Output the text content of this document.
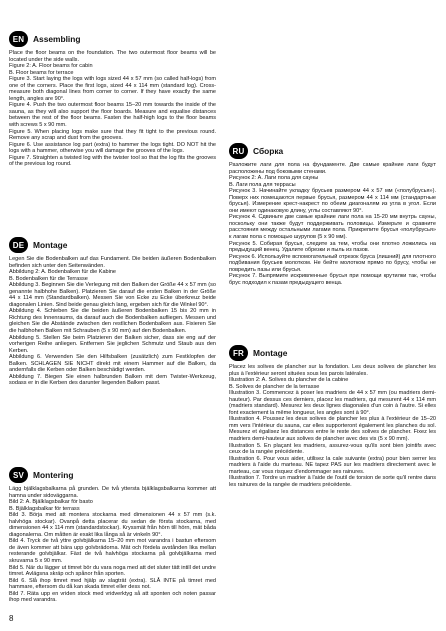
EN	Assembling

Place the floor beams on the foundation. The two outermost floor beams will be located under the side walls.
Figure 2: A. Floor beams for cabin
B. Floor beams for terrace
Figure 3. Start laying the logs with logs sized 44 x 57 mm (so called half-logs) from one of the corners. Place the first logs, sized 44 x 114 mm (standard log). Cross-measure both diagonal lines from corner to corner. If they have exactly the same length, angles are 90°.
Figure 4. Push the two outermost floor beams 15–20 mm towards the inside of the sauna, as they will also support the floor boards. Measure and equalise distances between the rest of the floor beams. Fasten the half-high logs to the floor beams with screws 5 x 90 mm.
Figure 5. When placing logs make sure that they fit tight to the previous round. Remove any scrap and dust from the grooves.
Figure 6. Use assistance log part (extra) to hammer the logs tight. DO NOT hit the logs with a hammer, otherwise you will damage the grooves of the logs.
Figure 7. Straighten a twisted log with the twister tool so that the log fits the grooves of the previous log round.

DE	Montage

Legen Sie die Bodenbalken auf das Fundament. Die beiden äußeren Bodenbalken befinden sich unter den Seitenwänden.
Abbildung 2: A. Bodenbalken für die Kabine
B. Bodenbalken für die Terrasse
Abbildung 3. Beginnen Sie die Verlegung mit den Balken der Größe 44 x 57 mm (so genannte halbhohe Balken). Platzieren Sie darauf die ersten Balken in der Größe 44 x 114 mm (Standardbalken). Messen Sie von Ecke zu Ecke überkreuz beide diagonalen Linien. Sind beide genau gleich lang, ergeben sich für die Winkel 90°.
Abbildung 4. Schieben Sie die beiden äußeren Bodenbalken 15 bis 20 mm in Richtung des Innenraums, da darauf auch die Bodenbalken aufliegen. Messen und gleichen Sie die Abstände zwischen den restlichen Bodenbalken aus. Fixieren Sie die halbhohen Balken mit Schrauben (5 x 90 mm) auf den Bodenbalken.
Abbildung 5. Stellen Sie beim Platzieren der Balken sicher, dass sie eng auf der vorherigen Reihe anliegen. Entfernen Sie jeglichen Schmutz und Staub aus den Kerben.
Abbildung 6. Verwenden Sie den Hilfsbalken (zusätzlich) zum Festklopfen der Balken. SCHLAGEN SIE NICHT direkt mit einem Hammer auf die Balken, da andernfalls die Kerben oder Balken beschädigt werden.
Abbildung 7. Biegen Sie einen halbrunden Balken mit dem Twister-Werkzeug, sodass er in die Kerben des darunter liegenden Balken passt.

SV	Montering

Lägg bjälklagsbalkarna på grunden. De två yttersta bjälklagsbalkarna kommer att hamna under sidoväggarna.
Bild 2: A. Bjälklagsbalkar för basto
B. Bjälklagsbalkar för terrass
Bild 3. Börja med att montera stockarna med dimensionen 44 x 57 mm (s.k. halvhöga stockar). Ovanpå detta placerar du sedan de första stockarna, med dimensionen 44 x 114 mm (standardstockar). Kryssmät från hörn till hörn, mät båda diagonalerna. Om måtten är exakt lika långa så är vinkeln 90°.
Bild 4. Tryck de två yttre golvbjälkarna 15–20 mm mot varandra i bastun eftersom de även kommer att bära upp golvbrädorna. Mät och fördela avstånden lika mellan resterande golvbjälkar. Fäst de två halvhöga stockarna på golvbjälkarna med skruvarna 5 x 90 mm.
Bild 5. När du lägger ut timret bör du vara noga med att det sluter tätt intill det undre timret. Avlägsna skräp och spånor från sporten.
Bild 6. Slå ihop timret med hjälp av slagträt (extra). SLÅ INTE på timret med hammare, eftersom du då kan skada timret eller dess not.
Bild 7. Räta upp en vriden stock med vridverktyg så att sponten och noten passar ihop med varandra.

RU	Сборка

Разложите лаги для пола на фундаменте. Две самые крайние лаги будут расположены под боковыми стенами.
Рисунок 2: A. Лаги пола для сауны
B. Лаги пола для террасы
Рисунок 3. Начинайте укладку брусьев размером 44 x 57 мм («полубрусья»). Поверх них помещаются первые брусья, размером 44 x 114 мм (стандартные брусья). Измерение крест-накрест по обеим диагоналям из угла в угол. Если они имеют одинаковую длину, углы составляют 90°.
Рисунок 4. Сдвиньте две самые крайние лаги пола на 15-20 мм внутрь сауны, поскольку они также будут поддерживать половицы. Измерьте и сравните расстояния между остальными лагами пола. Прикрепите брусья «полубрусья» к лагам пола с помощью шурупов (5 x 90 мм).
Рисунок 5. Собирая брусья, следите за тем, чтобы они плотно ложились на предыдущий венец. Удалите обрезки и пыль из пазов.
Рисунок 6. Используйте вспомогательный отрезок бруса (лишний) для плотного подбивания брусьев молотком. Не бейте молотком прямо по брусу, чтобы не повредить пазы или брусья.
Рисунок 7. Выпрямите искривленные брусья при помощи крутилки так, чтобы брус подходил к пазам предыдущего венца.

FR	Montage

Placez les solives de plancher sur la fondation. Les deux solives de plancher les plus à l'extérieur seront situées sous les parois latérales.
Illustration 2: A. Solives du plancher de la cabine
B. Solives de plancher de la terrasse
Illustration 3. Commencez à poser les madriers de 44 x 57 mm (ou madriers demi-hauteur). Par dessus ces derniers, placez les madriers, qui mesurent 44 x 114 mm (madriers standard). Mesurez les deux lignes diagonales d'un coin à l'autre. Si elles font exactement la même longueur, les angles sont à 90°.
Illustration 4. Poussez les deux solives de plancher les plus à l'extérieur de 15–20 mm vers l'intérieur du sauna, car elles supporteront également les planches du sol. Mesurez et égalisez les distances entre le reste des solives de plancher. Fixez les madriers demi-hauteur aux solives de plancher avec des vis (5 x 90 mm).
Illustration 5. En plaçant les madriers, assurez-vous qu'ils sont bien jointifs avec ceux de la rangée précédente.
Illustration 6. Pour vous aider, utilisez la cale suivante (extra) pour bien serrer les madriers à l'aide du marteau. NE tapez PAS sur les madriers directement avec le marteau, car vous risquez d'endommager ses rainures.
Illustration 7. Tordre un madrier à l'aide de l'outil de torsion de sorte qu'il rentre dans les rainures de la rangée de madriers précédente.

8
